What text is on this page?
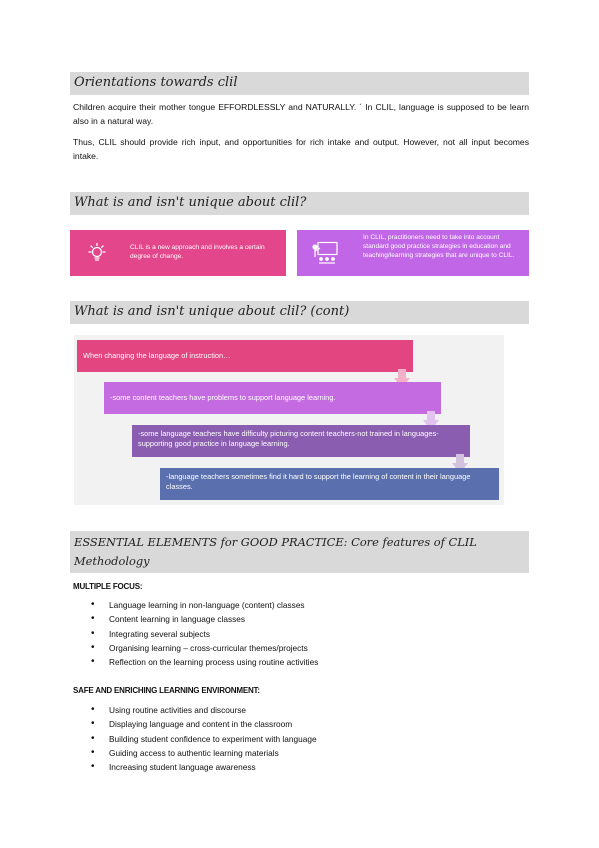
Orientations towards clil

Children acquire their mother tongue EFFORDLESSLY and NATURALLY. ´ In CLIL, language is supposed to be learn also in a natural way.

Thus, CLIL should provide rich input, and opportunities for rich intake and output. However, not all input becomes intake.

What is and isn't unique about clil?
CLIL is a new approach and involves a certain degree of change.
In CLIL, practitioners need to take into account standard good practice strategies in education and teaching/learning strategies that are unique to CLIL.
What is and isn't unique about clil? (cont)
When changing the language of instruction…
-some content teachers have problems to support language learning.
-some language teachers have difficulty picturing content teachers-not trained in languages-supporting good practice in language learning.
-language teachers sometimes find it hard to support the learning of content in their language classes.
ESSENTIAL ELEMENTS for GOOD PRACTICE: Core features of CLIL
Methodology
MULTIPLE FOCUS:
• Language learning in non-language (content) classes
• Content learning in language classes
• Integrating several subjects
• Organising learning – cross-curricular themes/projects
• Reflection on the learning process using routine activities
SAFE AND ENRICHING LEARNING ENVIRONMENT:
• Using routine activities and discourse
• Displaying language and content in the classroom
• Building student confidence to experiment with language
• Guiding access to authentic learning materials
• Increasing student language awareness
